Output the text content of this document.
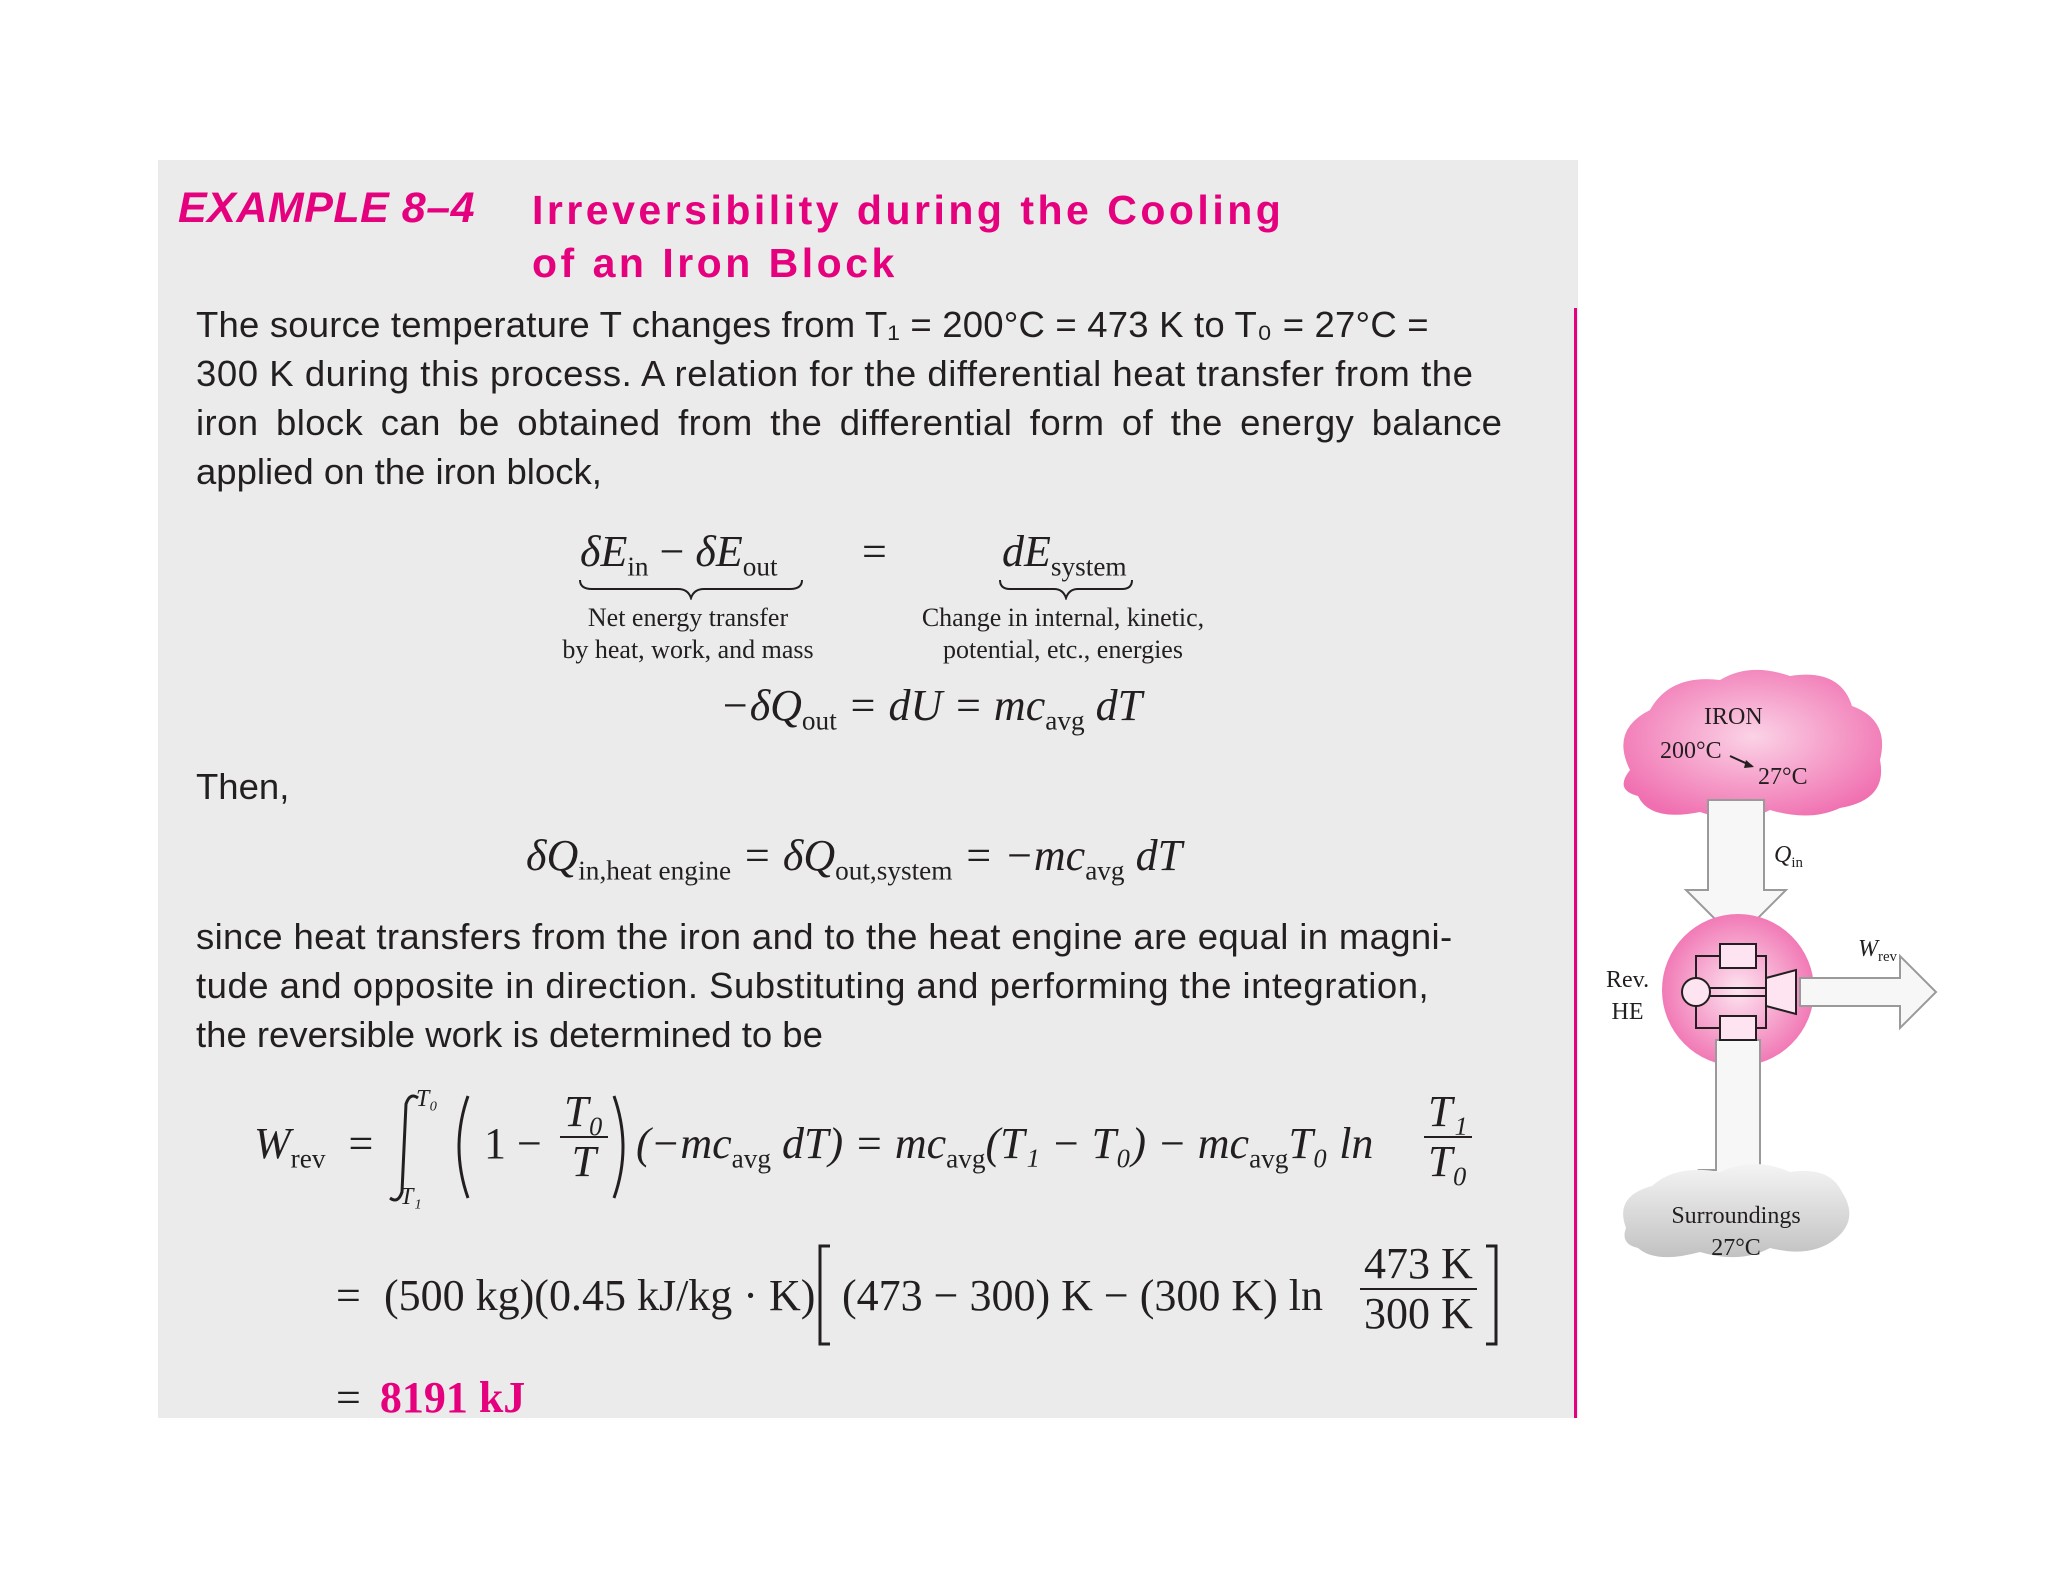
EXAMPLE 8–4 Irreversibility during the Cooling
of an Iron Block
The source temperature T changes from T₁ = 200°C = 473 K to T₀ = 27°C =
300 K during this process. A relation for the differential heat transfer from the
iron block can be obtained from the differential form of the energy balance
applied on the iron block,
$\delta E_{in} - \delta E_{out}$ =	$dE_{system}$
Net energy transfer
by heat, work, and mass
Change in internal, kinetic,
potential, etc., energies
$-\delta Q_{out}$ = dU = $mc_{avg}$ dT
Then,
$\delta Q_{in,heat engine} = \delta Q_{out,system} = -mc_{avg}$ dT
since heat transfers from the iron and to the heat engine are equal in magni-
tude and opposite in direction. Substituting and performing the integration,
the reversible work is determined to be
$W_{rev}$ =
T₀
T₁
$1 - \frac{\text{T₀}}{T} (-mc_{avg}$ $dT) = mc_{avg}(T_1 - T_0) - mc_{avg}T_0$ $\ln \frac{\text{T₁}}{\text{T₀}}$
= (500 kg)(0.45 kJ/kg · K) (473 − 300) K − (300 K) $\ln \frac{473 K}{300 K}$
= 8191 kJ
IRON
200°C
27°C
$Q_{in}$
$W_{rev}$
Rev.
HE
Surroundings
27°C
